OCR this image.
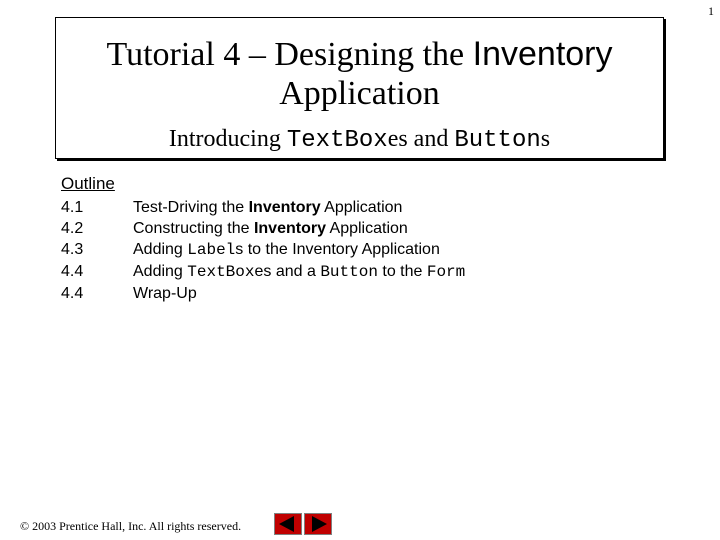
1
Tutorial 4 – Designing the Inventory
Application
Introducing TextBoxes and Buttons
Outline
4.1	Test-Driving the Inventory Application
4.2	Constructing the Inventory Application
4.3	Adding Labels to the Inventory Application
4.4	Adding TextBoxes and a Button to the Form
4.4	Wrap-Up
© 2003 Prentice Hall, Inc. All rights reserved.
